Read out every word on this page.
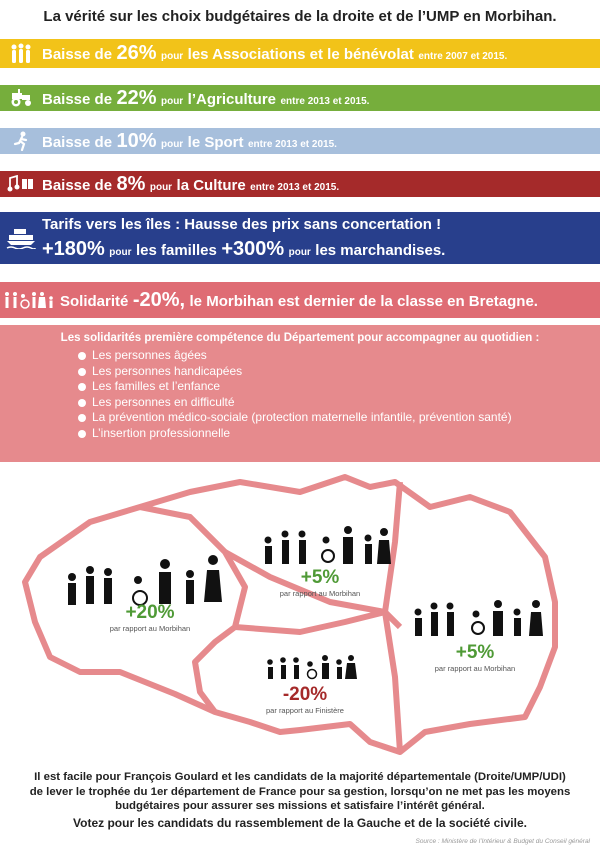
La vérité sur les choix budgétaires de la droite et de l’UMP en Morbihan.
Baisse de 26% pour les Associations et le bénévolat entre 2007 et 2015.
Baisse de 22% pour l’Agriculture entre 2013 et 2015.
Baisse de 10% pour le Sport entre 2013 et 2015.
Baisse de 8% pour la Culture entre 2013 et 2015.
Tarifs vers les îles : Hausse des prix sans concertation !
+180% pour les familles +300% pour les marchandises.
Solidarité -20%, le Morbihan est dernier de la classe en Bretagne.
Les solidarités première compétence du Département pour accompagner au quotidien :
Les personnes âgées
Les personnes handicapées
Les familles et l’enfance
Les personnes en difficulté
La prévention médico-sociale (protection maternelle infantile, prévention santé)
L’insertion professionnelle
+20%
par rapport au Morbihan
+5%
par rapport au Morbihan
+5%
par rapport au Morbihan
-20%
par rapport au Finistère
Il est facile pour François Goulard et les candidats de la majorité départementale (Droite/UMP/UDI)
de lever le trophée du 1er département de France pour sa gestion, lorsqu’on ne met pas les moyens
budgétaires pour assurer ses missions et satisfaire l’intérêt général.
Votez pour les candidats du rassemblement de la Gauche et de la société civile.
Source : Ministère de l’Intérieur & Budget du Conseil général
